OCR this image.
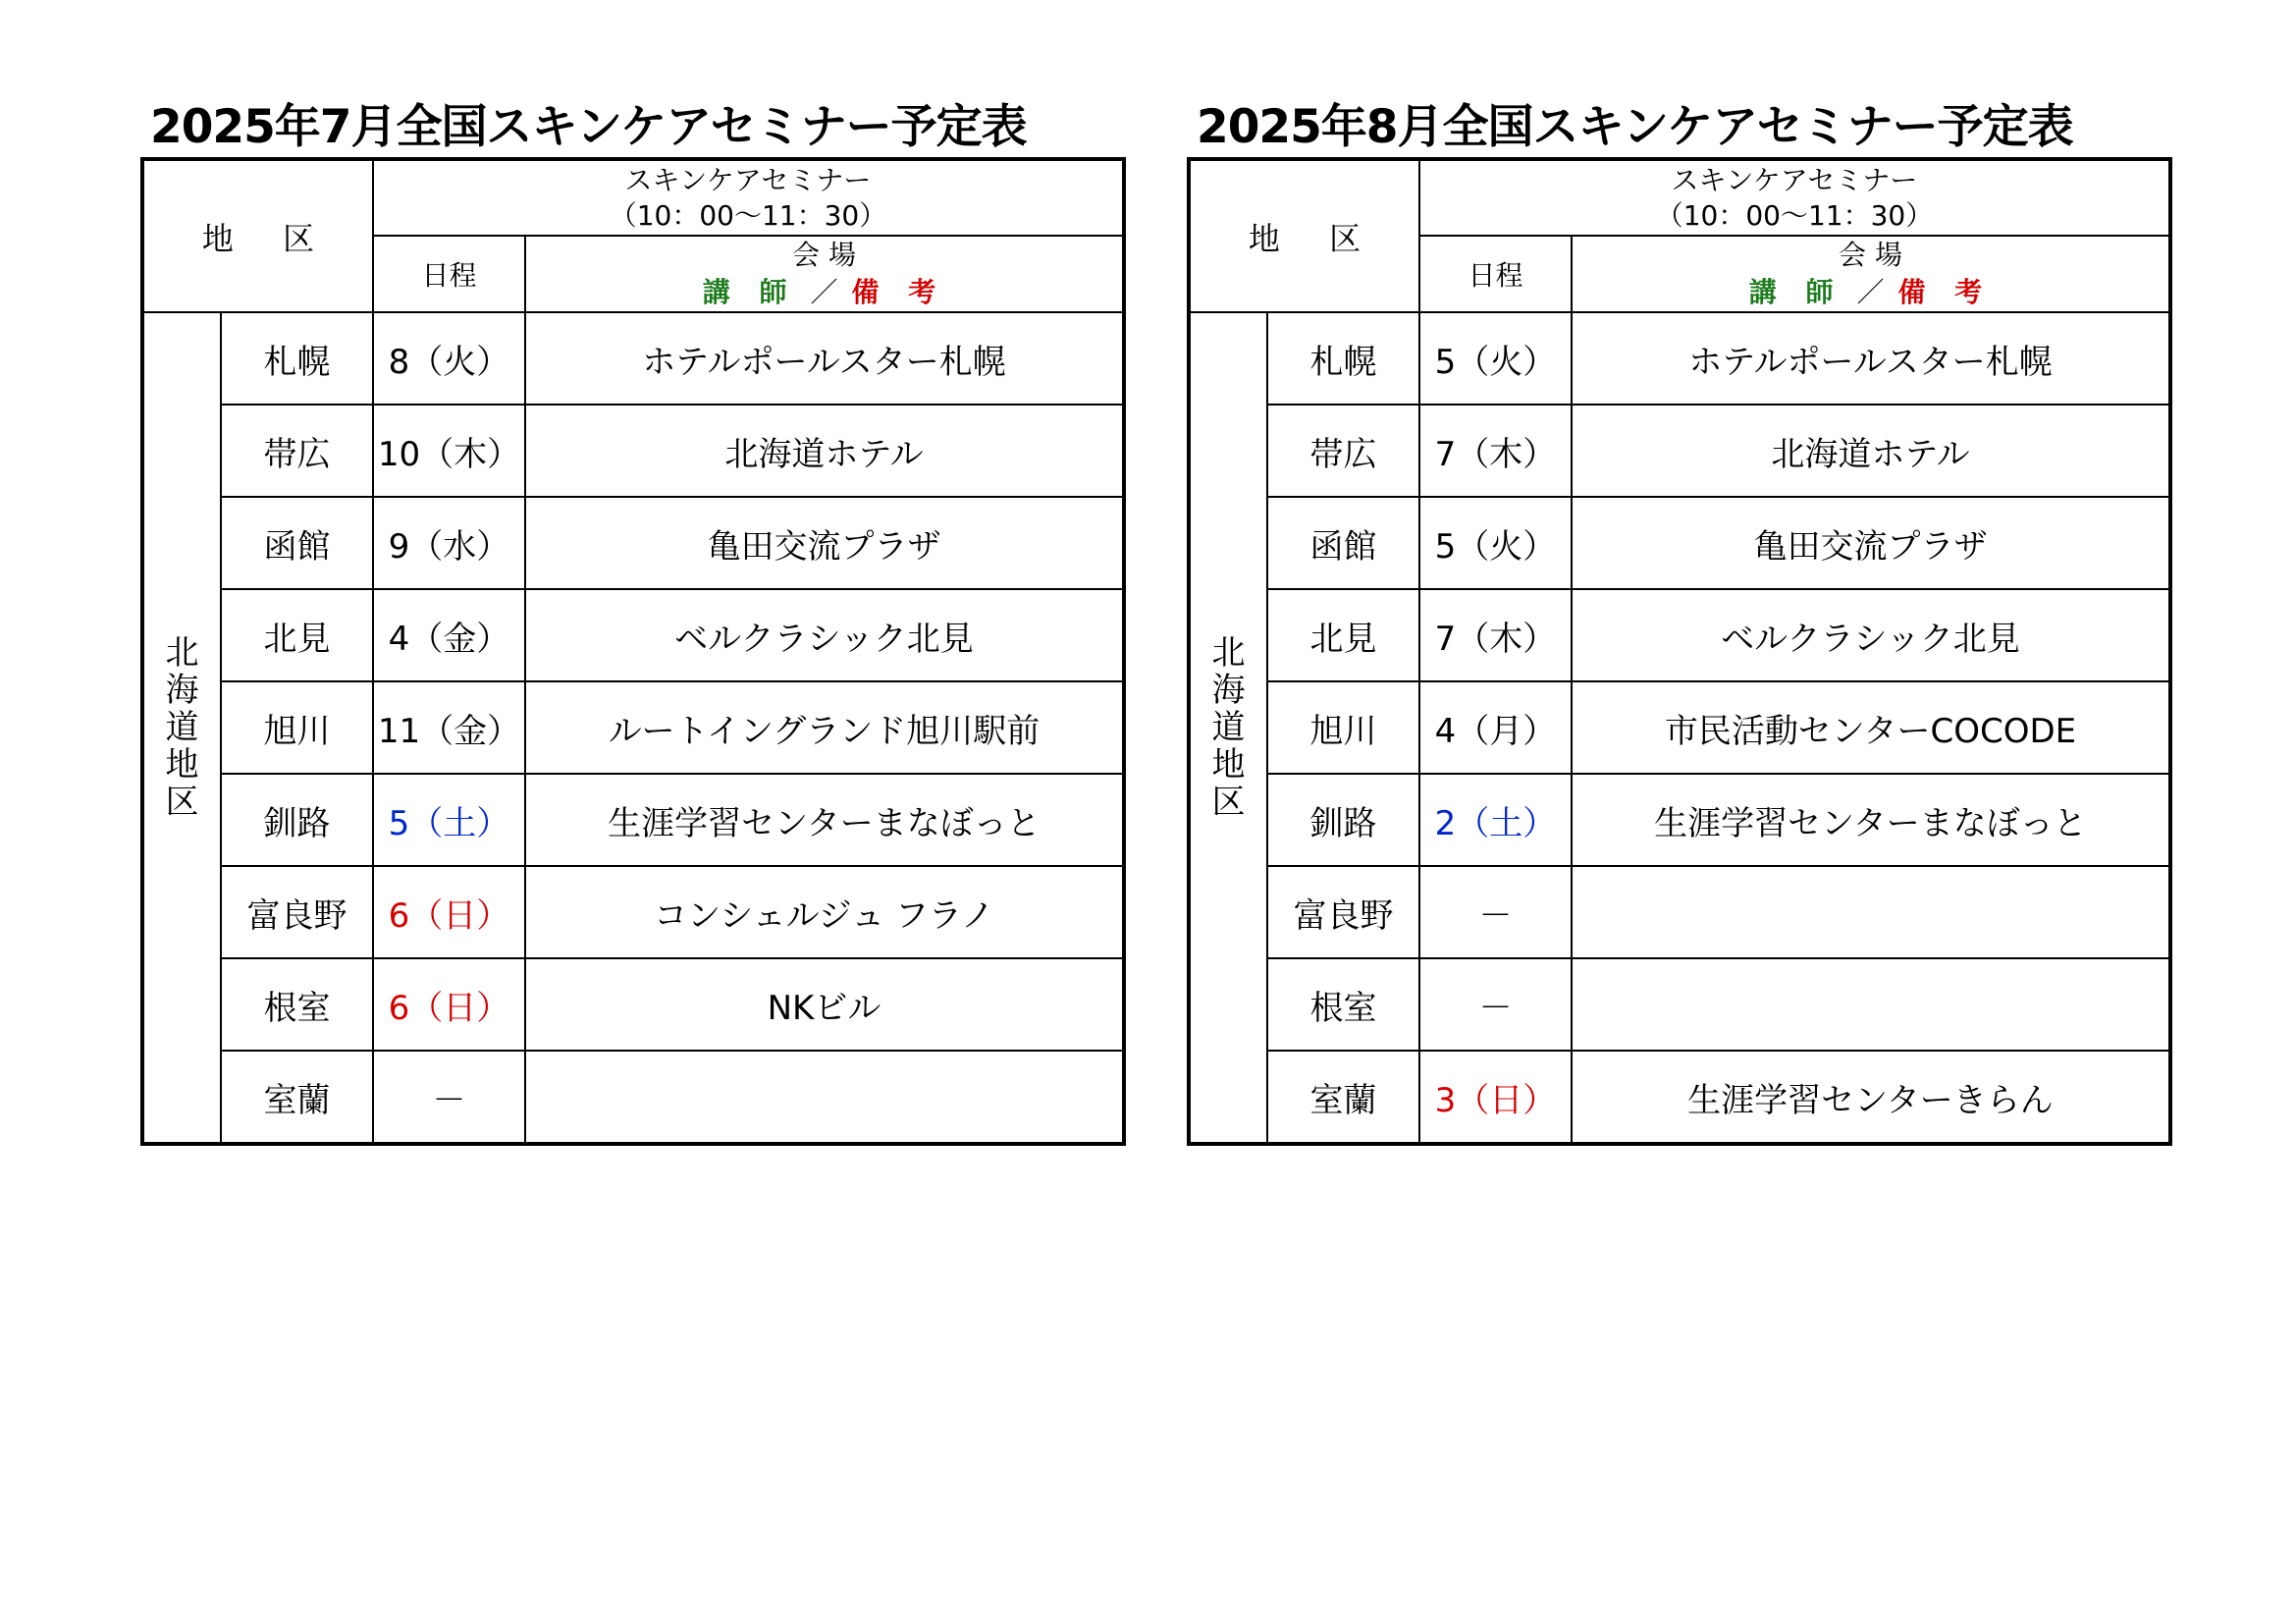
2025年7月全国スキンケアセミナー予定表
地 区		スキンケアセミナー
（10：00～11：30）	

		日程	会 場
講 師 ／ 備 考

北海道地区	札幌	8（火）	ホテルポールスター札幌
	帯広	10（木）	北海道ホテル
	函館	9（水）	亀田交流プラザ
	北見	4（金）	ベルクラシック北見
	旭川	11（金）	ルートイングランド旭川駅前
	釧路	5（土）	生涯学習センターまなぼっと
	富良野	6（日）	コンシェルジュ フラノ
	根室	6（日）	NKビル
	室蘭	－	
2025年8月全国スキンケアセミナー予定表
地 区		スキンケアセミナー
（10：00～11：30）	

		日程	会 場
講 師 ／ 備 考

北海道地区	札幌	5（火）	ホテルポールスター札幌
	帯広	7（木）	北海道ホテル
	函館	5（火）	亀田交流プラザ
	北見	7（木）	ベルクラシック北見
	旭川	4（月）	市民活動センターCOCODE
	釧路	2（土）	生涯学習センターまなぼっと
	富良野	－	
	根室	－	
	室蘭	3（日）	生涯学習センターきらん
